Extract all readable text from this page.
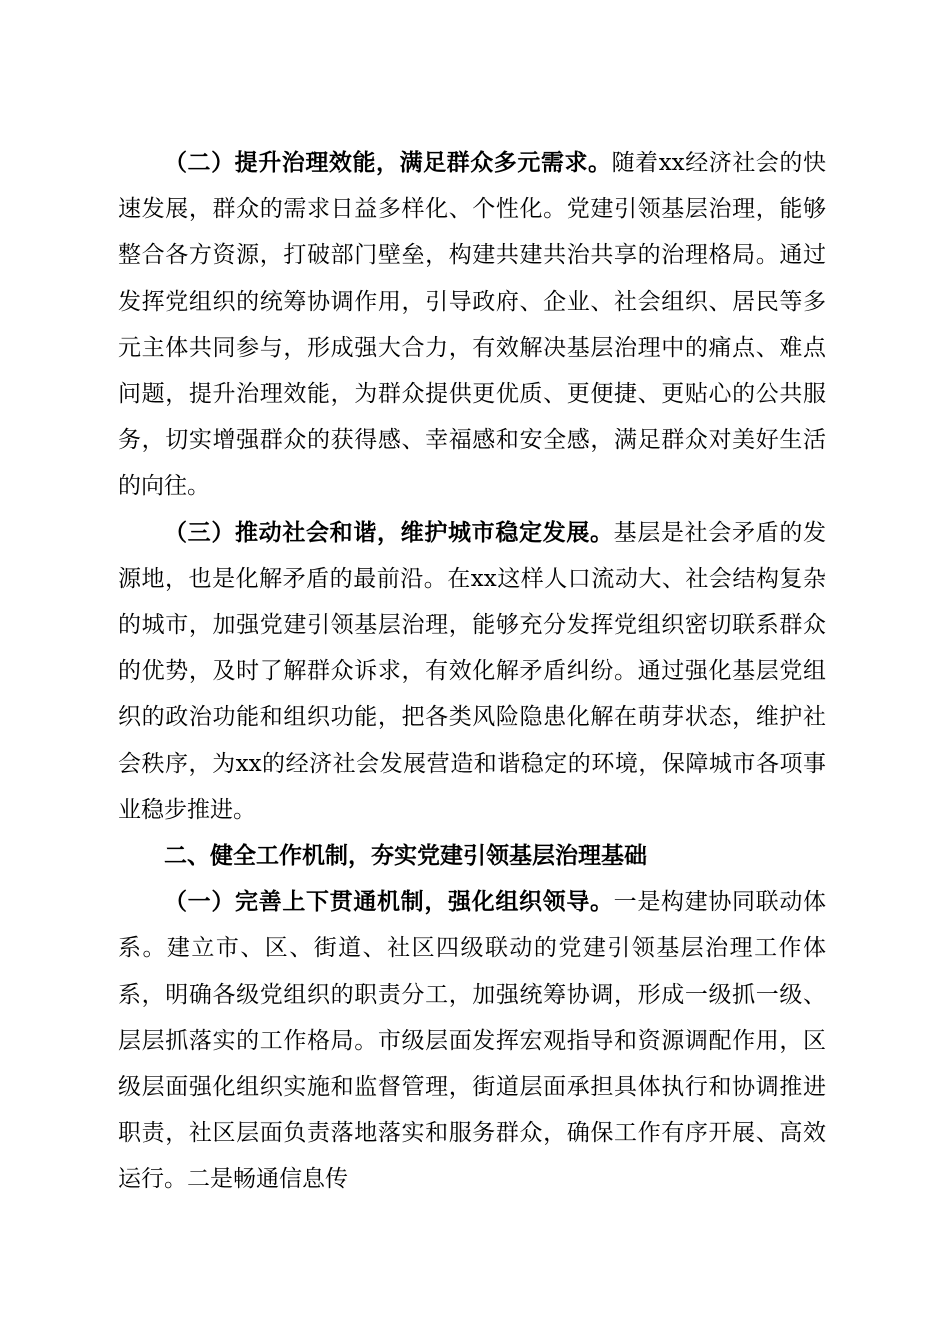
（二）提升治理效能，满足群众多元需求。随着xx经济社会的快速发展，群众的需求日益多样化、个性化。党建引领基层治理，能够整合各方资源，打破部门壁垒，构建共建共治共享的治理格局。通过发挥党组织的统筹协调作用，引导政府、企业、社会组织、居民等多元主体共同参与，形成强大合力，有效解决基层治理中的痛点、难点问题，提升治理效能，为群众提供更优质、更便捷、更贴心的公共服务，切实增强群众的获得感、幸福感和安全感，满足群众对美好生活的向往。

（三）推动社会和谐，维护城市稳定发展。基层是社会矛盾的发源地，也是化解矛盾的最前沿。在xx这样人口流动大、社会结构复杂的城市，加强党建引领基层治理，能够充分发挥党组织密切联系群众的优势，及时了解群众诉求，有效化解矛盾纠纷。通过强化基层党组织的政治功能和组织功能，把各类风险隐患化解在萌芽状态，维护社会秩序，为xx的经济社会发展营造和谐稳定的环境，保障城市各项事业稳步推进。

二、健全工作机制，夯实党建引领基层治理基础

（一）完善上下贯通机制，强化组织领导。一是构建协同联动体系。建立市、区、街道、社区四级联动的党建引领基层治理工作体系，明确各级党组织的职责分工，加强统筹协调，形成一级抓一级、层层抓落实的工作格局。市级层面发挥宏观指导和资源调配作用，区级层面强化组织实施和监督管理，街道层面承担具体执行和协调推进职责，社区层面负责落地落实和服务群众，确保工作有序开展、高效运行。二是畅通信息传
